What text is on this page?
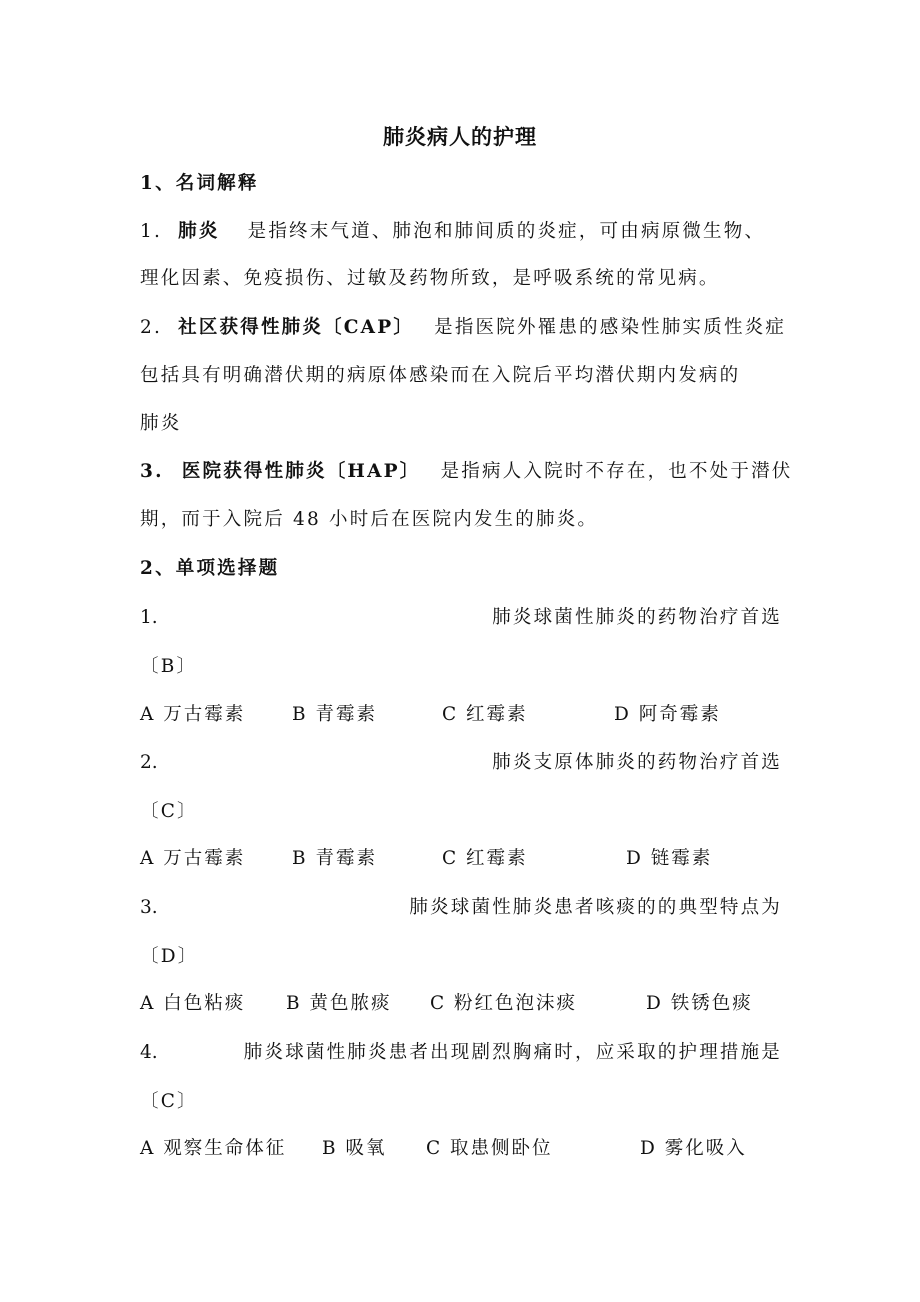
肺炎病人的护理
1、名词解释
1. 肺炎 是指终末气道、肺泡和肺间质的炎症，可由病原微生物、
理化因素、免疫损伤、过敏及药物所致，是呼吸系统的常见病。
2. 社区获得性肺炎〔CAP〕 是指医院外罹患的感染性肺实质性炎症
包括具有明确潜伏期的病原体感染而在入院后平均潜伏期内发病的
肺炎
3. 医院获得性肺炎〔HAP〕 是指病人入院时不存在，也不处于潜伏
期，而于入院后 48 小时后在医院内发生的肺炎。
2、单项选择题
1.	肺炎球菌性肺炎的药物治疗首选
〔B〕
A 万古霉素	B 青霉素	C 红霉素	D 阿奇霉素
2.	肺炎支原体肺炎的药物治疗首选
〔C〕
A 万古霉素	B 青霉素	C 红霉素	D 链霉素
3.	肺炎球菌性肺炎患者咳痰的的典型特点为
〔D〕
A 白色粘痰 B 黄色脓痰 C 粉红色泡沫痰	D 铁锈色痰
4.	肺炎球菌性肺炎患者出现剧烈胸痛时，应采取的护理措施是
〔C〕
A 观察生命体征 B 吸氧 C 取患侧卧位	D 雾化吸入
